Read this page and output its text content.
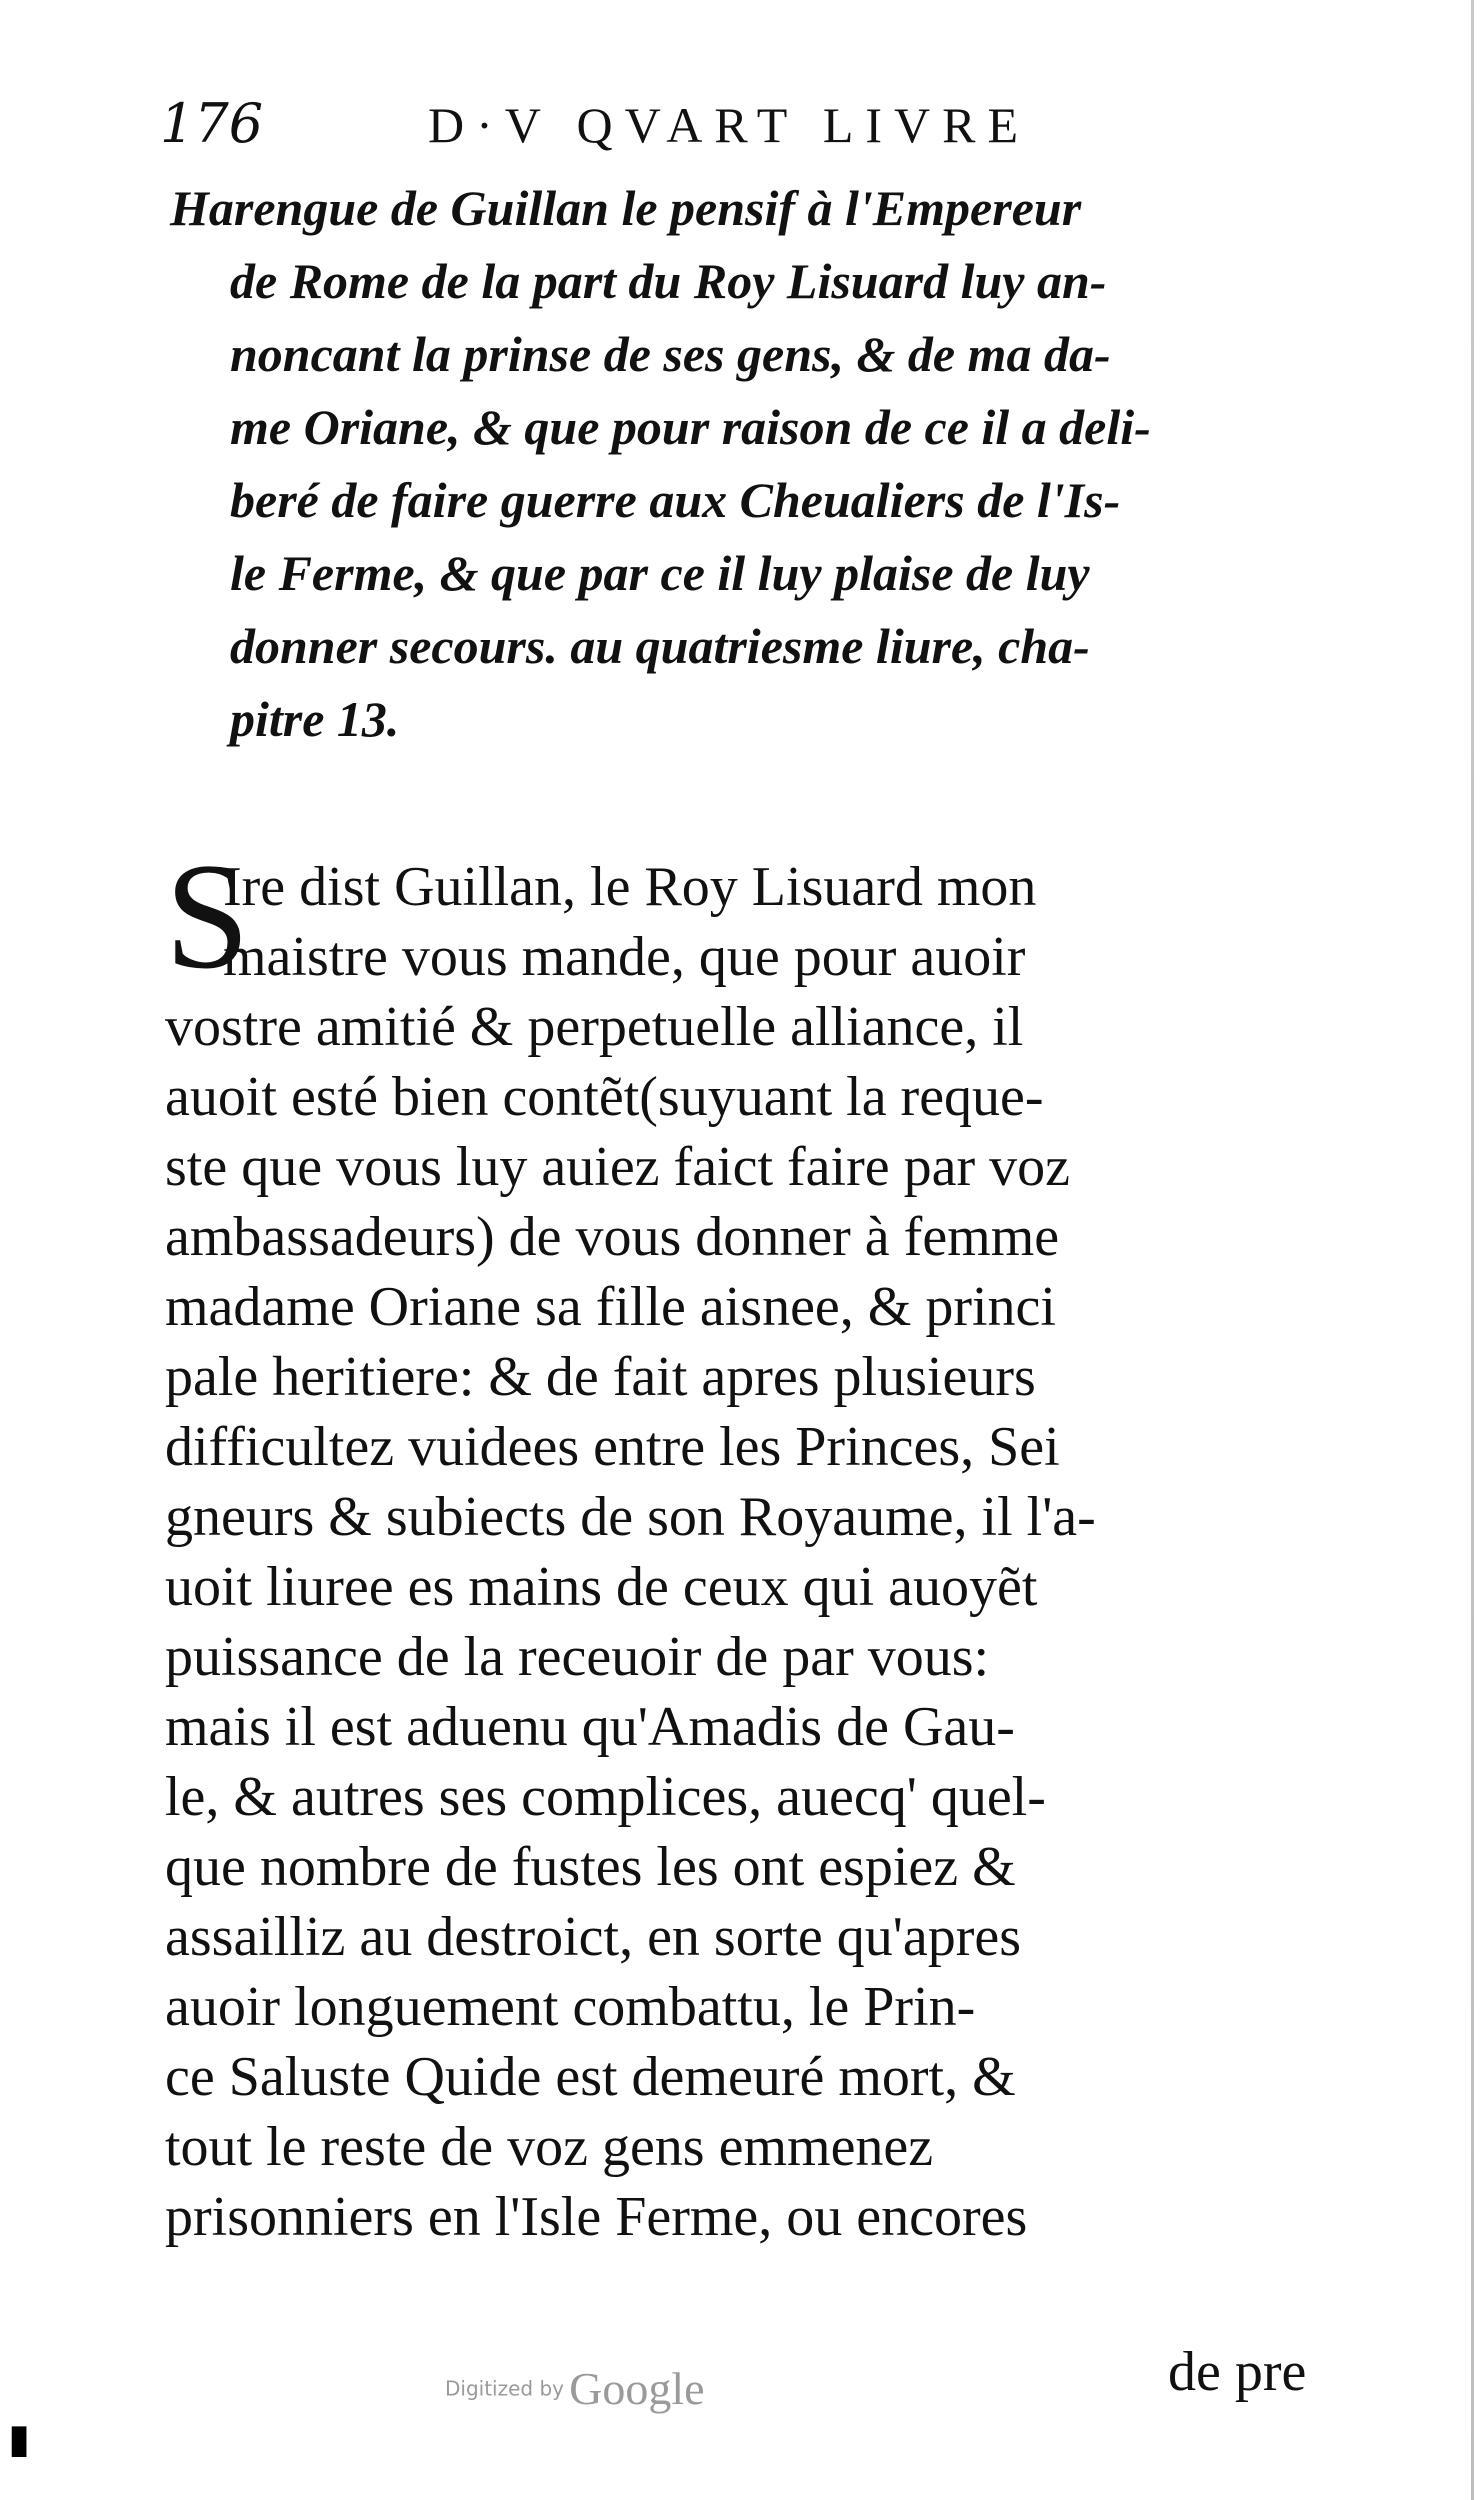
176	D·V QVART LIVRE
Harengue de Guillan le pensif à l'Empereur
de Rome de la part du Roy Lisuard luy an-
noncant la prinse de ses gens, & de ma da-
me Oriane, & que pour raison de ce il a deli-
beré de faire guerre aux Cheualiers de l'Is-
le Ferme, & que par ce il luy plaise de luy
donner secours. au quatriesme liure, cha-
pitre 13.
S
Ire dist Guillan, le Roy Lisuard mon
maistre vous mande, que pour auoir
vostre amitié & perpetuelle alliance, il
auoit esté bien contẽt(suyuant la reque-
ste que vous luy auiez faict faire par voz
ambassadeurs) de vous donner à femme
madame Oriane sa fille aisnee, & princi
pale heritiere: & de fait apres plusieurs
difficultez vuidees entre les Princes, Sei
gneurs & subiects de son Royaume, il l'a-
uoit liuree es mains de ceux qui auoyẽt
puissance de la receuoir de par vous:
mais il est aduenu qu'Amadis de Gau-
le, & autres ses complices, auecq' quel-
que nombre de fustes les ont espiez &
assailliz au destroict, en sorte qu'apres
auoir longuement combattu, le Prin-
ce Saluste Quide est demeuré mort, &
tout le reste de voz gens emmenez
prisonniers en l'Isle Ferme, ou encores
Digitized by Google	de pre
▮
